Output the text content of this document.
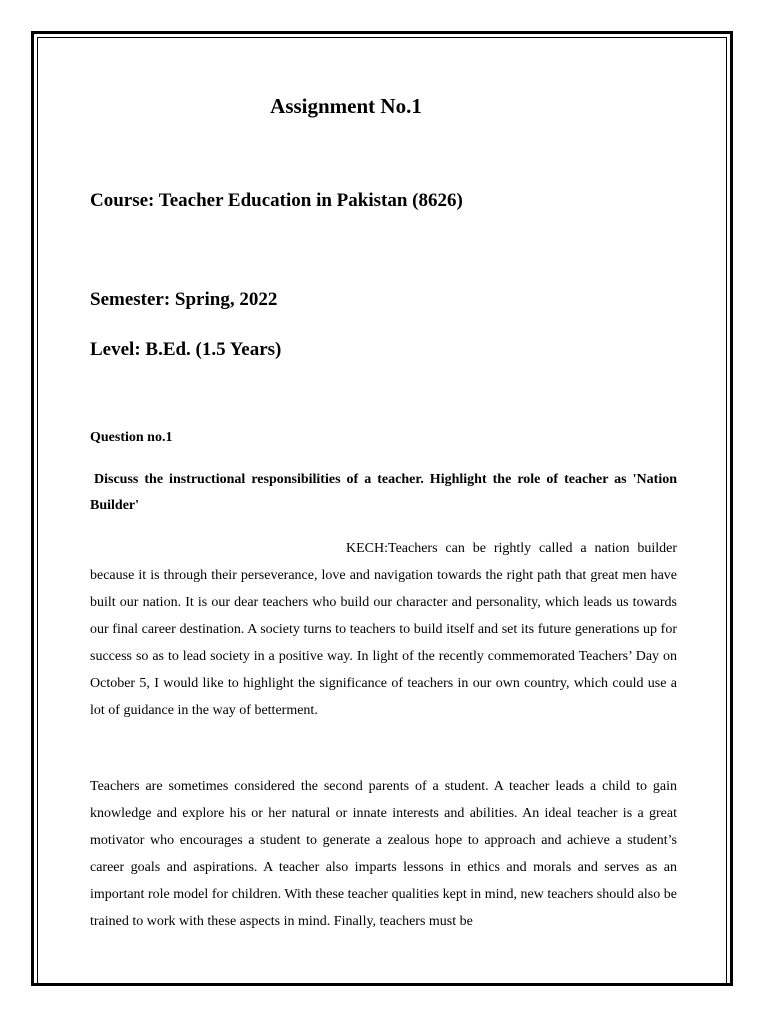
Assignment No.1
Course: Teacher Education in Pakistan (8626)
Semester: Spring, 2022
Level: B.Ed. (1.5 Years)
Question no.1
Discuss the instructional responsibilities of a teacher. Highlight the role of teacher as 'Nation Builder'
KECH:Teachers can be rightly called a nation builder because it is through their perseverance, love and navigation towards the right path that great men have built our nation. It is our dear teachers who build our character and personality, which leads us towards our final career destination. A society turns to teachers to build itself and set its future generations up for success so as to lead society in a positive way. In light of the recently commemorated Teachers’ Day on October 5, I would like to highlight the significance of teachers in our own country, which could use a lot of guidance in the way of betterment.
Teachers are sometimes considered the second parents of a student. A teacher leads a child to gain knowledge and explore his or her natural or innate interests and abilities. An ideal teacher is a great motivator who encourages a student to generate a zealous hope to approach and achieve a student’s career goals and aspirations. A teacher also imparts lessons in ethics and morals and serves as an important role model for children. With these teacher qualities kept in mind, new teachers should also be trained to work with these aspects in mind. Finally, teachers must be
